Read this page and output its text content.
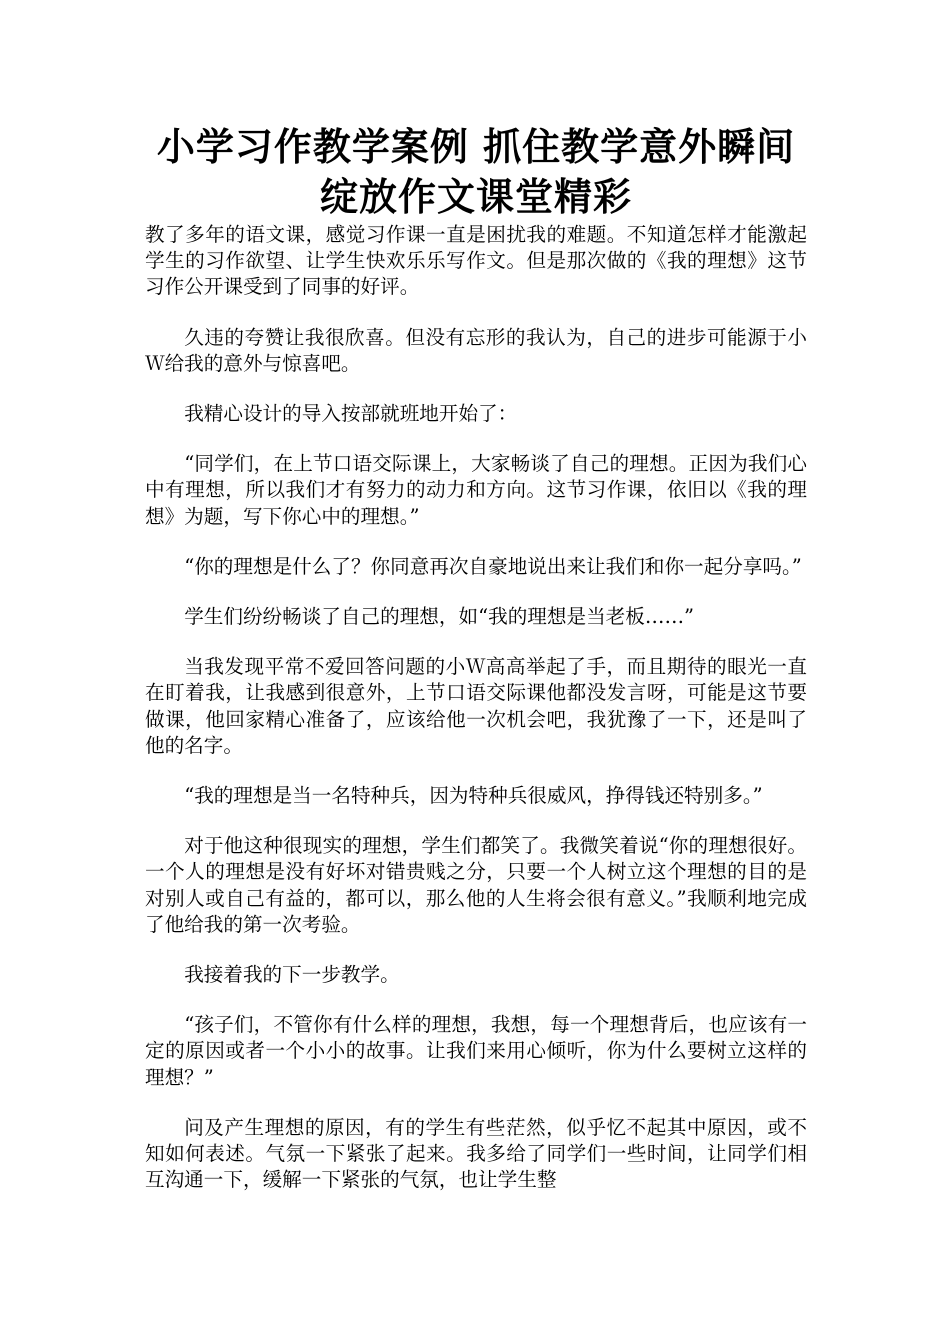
小学习作教学案例 抓住教学意外瞬间
绽放作文课堂精彩

教了多年的语文课，感觉习作课一直是困扰我的难题。不知道怎样才能激起学生的习作欲望、让学生快欢乐乐写作文。但是那次做的《我的理想》这节习作公开课受到了同事的好评。

久违的夸赞让我很欣喜。但没有忘形的我认为，自己的进步可能源于小Ｗ给我的意外与惊喜吧。

我精心设计的导入按部就班地开始了：

“同学们，在上节口语交际课上，大家畅谈了自己的理想。正因为我们心中有理想，所以我们才有努力的动力和方向。这节习作课，依旧以《我的理想》为题，写下你心中的理想。”

“你的理想是什么了？你同意再次自豪地说出来让我们和你一起分享吗。”

学生们纷纷畅谈了自己的理想，如“我的理想是当老板……”

当我发现平常不爱回答问题的小Ｗ高高举起了手，而且期待的眼光一直在盯着我，让我感到很意外，上节口语交际课他都没发言呀，可能是这节要做课，他回家精心准备了，应该给他一次机会吧，我犹豫了一下，还是叫了他的名字。

“我的理想是当一名特种兵，因为特种兵很威风，挣得钱还特别多。”

对于他这种很现实的理想，学生们都笑了。我微笑着说“你的理想很好。一个人的理想是没有好坏对错贵贱之分，只要一个人树立这个理想的目的是对别人或自己有益的，都可以，那么他的人生将会很有意义。”我顺利地完成了他给我的第一次考验。

我接着我的下一步教学。

“孩子们，不管你有什么样的理想，我想，每一个理想背后，也应该有一定的原因或者一个小小的故事。让我们来用心倾听，你为什么要树立这样的理想？”

问及产生理想的原因，有的学生有些茫然，似乎忆不起其中原因，或不知如何表述。气氛一下紧张了起来。我多给了同学们一些时间，让同学们相互沟通一下，缓解一下紧张的气氛，也让学生整
